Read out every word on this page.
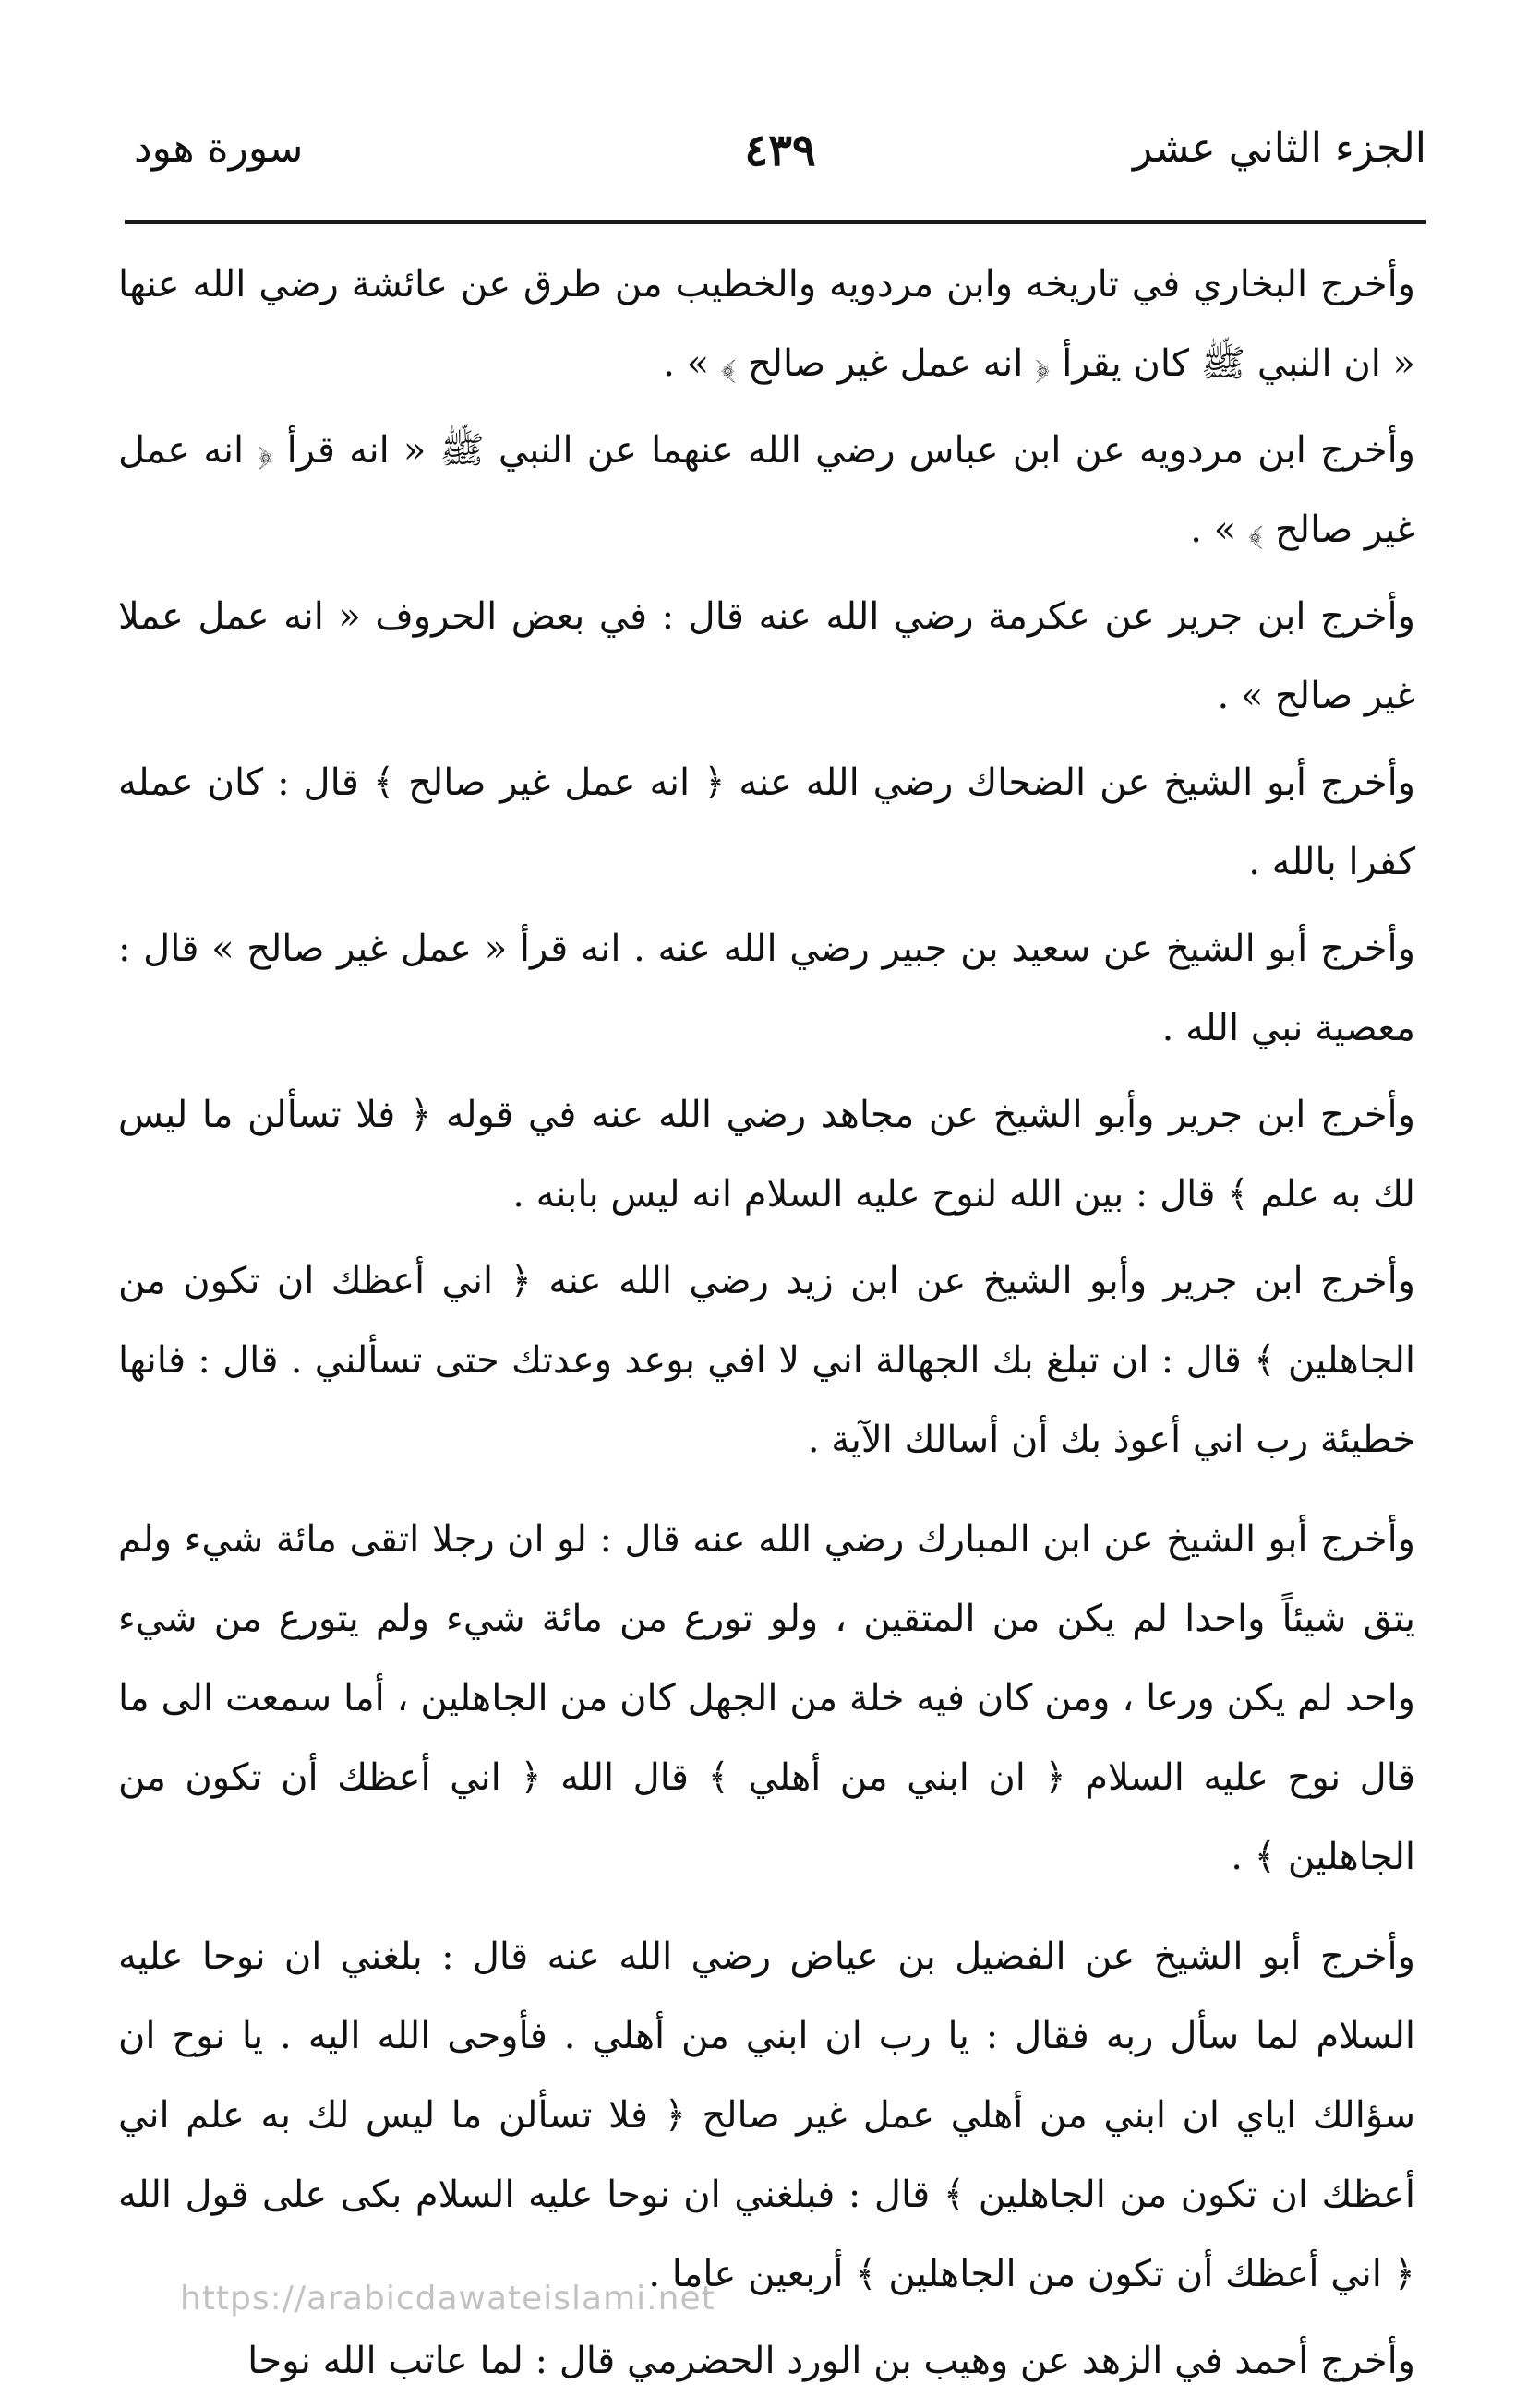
الجزء الثاني عشر
٤٣٩
سورة هود

وأخرج البخاري في تاريخه وابن مردويه والخطيب من طرق عن عائشة رضي الله عنها « ان النبي ﷺ كان يقرأ ﴿ انه عمل غير صالح ﴾ » .

وأخرج ابن مردويه عن ابن عباس رضي الله عنهما عن النبي ﷺ « انه قرأ ﴿ انه عمل غير صالح ﴾ » .

وأخرج ابن جرير عن عكرمة رضي الله عنه قال : في بعض الحروف « انه عمل عملا غير صالح » .

وأخرج أبو الشيخ عن الضحاك رضي الله عنه ﴿ انه عمل غير صالح ﴾ قال : كان عمله كفرا بالله .

وأخرج أبو الشيخ عن سعيد بن جبير رضي الله عنه . انه قرأ « عمل غير صالح » قال : معصية نبي الله .

وأخرج ابن جرير وأبو الشيخ عن مجاهد رضي الله عنه في قوله ﴿ فلا تسألن ما ليس لك به علم ﴾ قال : بين الله لنوح عليه السلام انه ليس بابنه .

وأخرج ابن جرير وأبو الشيخ عن ابن زيد رضي الله عنه ﴿ اني أعظك ان تكون من الجاهلين ﴾ قال : ان تبلغ بك الجهالة اني لا افي بوعد وعدتك حتى تسألني . قال : فانها خطيئة رب اني أعوذ بك أن أسالك الآية .

وأخرج أبو الشيخ عن ابن المبارك رضي الله عنه قال : لو ان رجلا اتقى مائة شيء ولم يتق شيئاً واحدا لم يكن من المتقين ، ولو تورع من مائة شيء ولم يتورع من شيء واحد لم يكن ورعا ، ومن كان فيه خلة من الجهل كان من الجاهلين ، أما سمعت الى ما قال نوح عليه السلام ﴿ ان ابني من أهلي ﴾ قال الله ﴿ اني أعظك أن تكون من الجاهلين ﴾ .

وأخرج أبو الشيخ عن الفضيل بن عياض رضي الله عنه قال : بلغني ان نوحا عليه السلام لما سأل ربه فقال : يا رب ان ابني من أهلي . فأوحى الله اليه . يا نوح ان سؤالك اياي ان ابني من أهلي عمل غير صالح ﴿ فلا تسألن ما ليس لك به علم اني أعظك ان تكون من الجاهلين ﴾ قال : فبلغني ان نوحا عليه السلام بكى على قول الله ﴿ اني أعظك أن تكون من الجاهلين ﴾ أربعين عاما .

وأخرج أحمد في الزهد عن وهيب بن الورد الحضرمي قال : لما عاتب الله نوحا

https://arabicdawateislami.net
